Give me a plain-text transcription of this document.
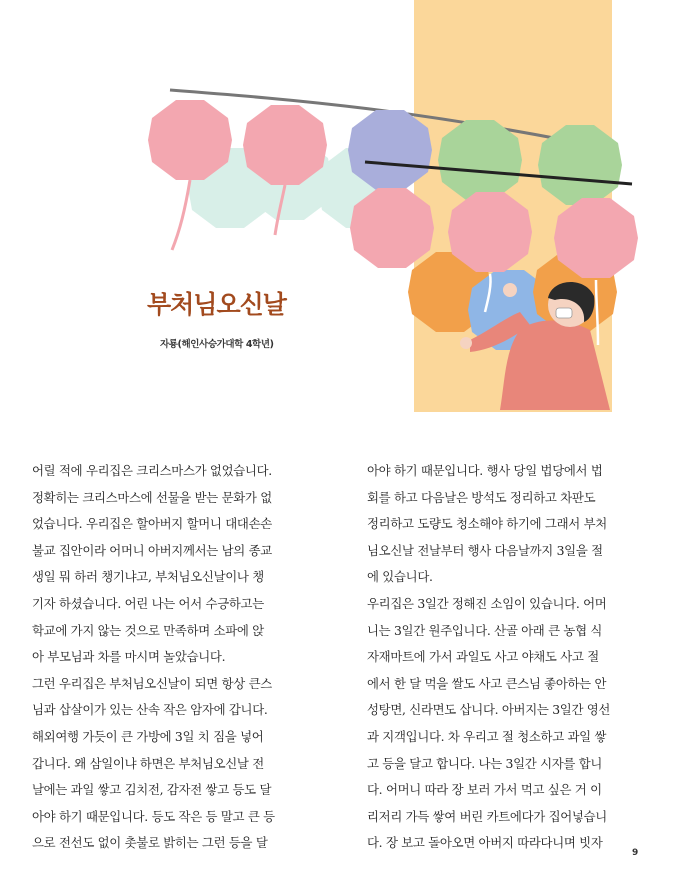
부처님오신날
자룡(해인사승가대학 4학년)
어릴 적에 우리집은 크리스마스가 없었습니다.
정확히는 크리스마스에 선물을 받는 문화가 없
었습니다. 우리집은 할아버지 할머니 대대손손
불교 집안이라 어머니 아버지께서는 남의 종교
생일 뭐 하러 챙기냐고, 부처님오신날이나 챙
기자 하셨습니다. 어린 나는 어서 수긍하고는
학교에 가지 않는 것으로 만족하며 소파에 앉
아 부모님과 차를 마시며 놀았습니다.
그런 우리집은 부처님오신날이 되면 항상 큰스
님과 삽살이가 있는 산속 작은 암자에 갑니다.
해외여행 가듯이 큰 가방에 3일 치 짐을 넣어
갑니다. 왜 삼일이냐 하면은 부처님오신날 전
날에는 과일 쌓고 김치전, 감자전 쌓고 등도 달
아야 하기 때문입니다. 등도 작은 등 말고 큰 등
으로 전선도 없이 촛불로 밝히는 그런 등을 달
아야 하기 때문입니다. 행사 당일 법당에서 법
회를 하고 다음날은 방석도 정리하고 차판도
정리하고 도량도 청소해야 하기에 그래서 부처
님오신날 전날부터 행사 다음날까지 3일을 절
에 있습니다.
우리집은 3일간 정해진 소임이 있습니다. 어머
니는 3일간 원주입니다. 산골 아래 큰 농협 식
자재마트에 가서 과일도 사고 야채도 사고 절
에서 한 달 먹을 쌀도 사고 큰스님 좋아하는 안
성탕면, 신라면도 삽니다. 아버지는 3일간 영선
과 지객입니다. 차 우리고 절 청소하고 과일 쌓
고 등을 달고 합니다. 나는 3일간 시자를 합니
다. 어머니 따라 장 보러 가서 먹고 싶은 거 이
리저리 가득 쌓여 버린 카트에다가 집어넣습니
다. 장 보고 돌아오면 아버지 따라다니며 빗자
9
